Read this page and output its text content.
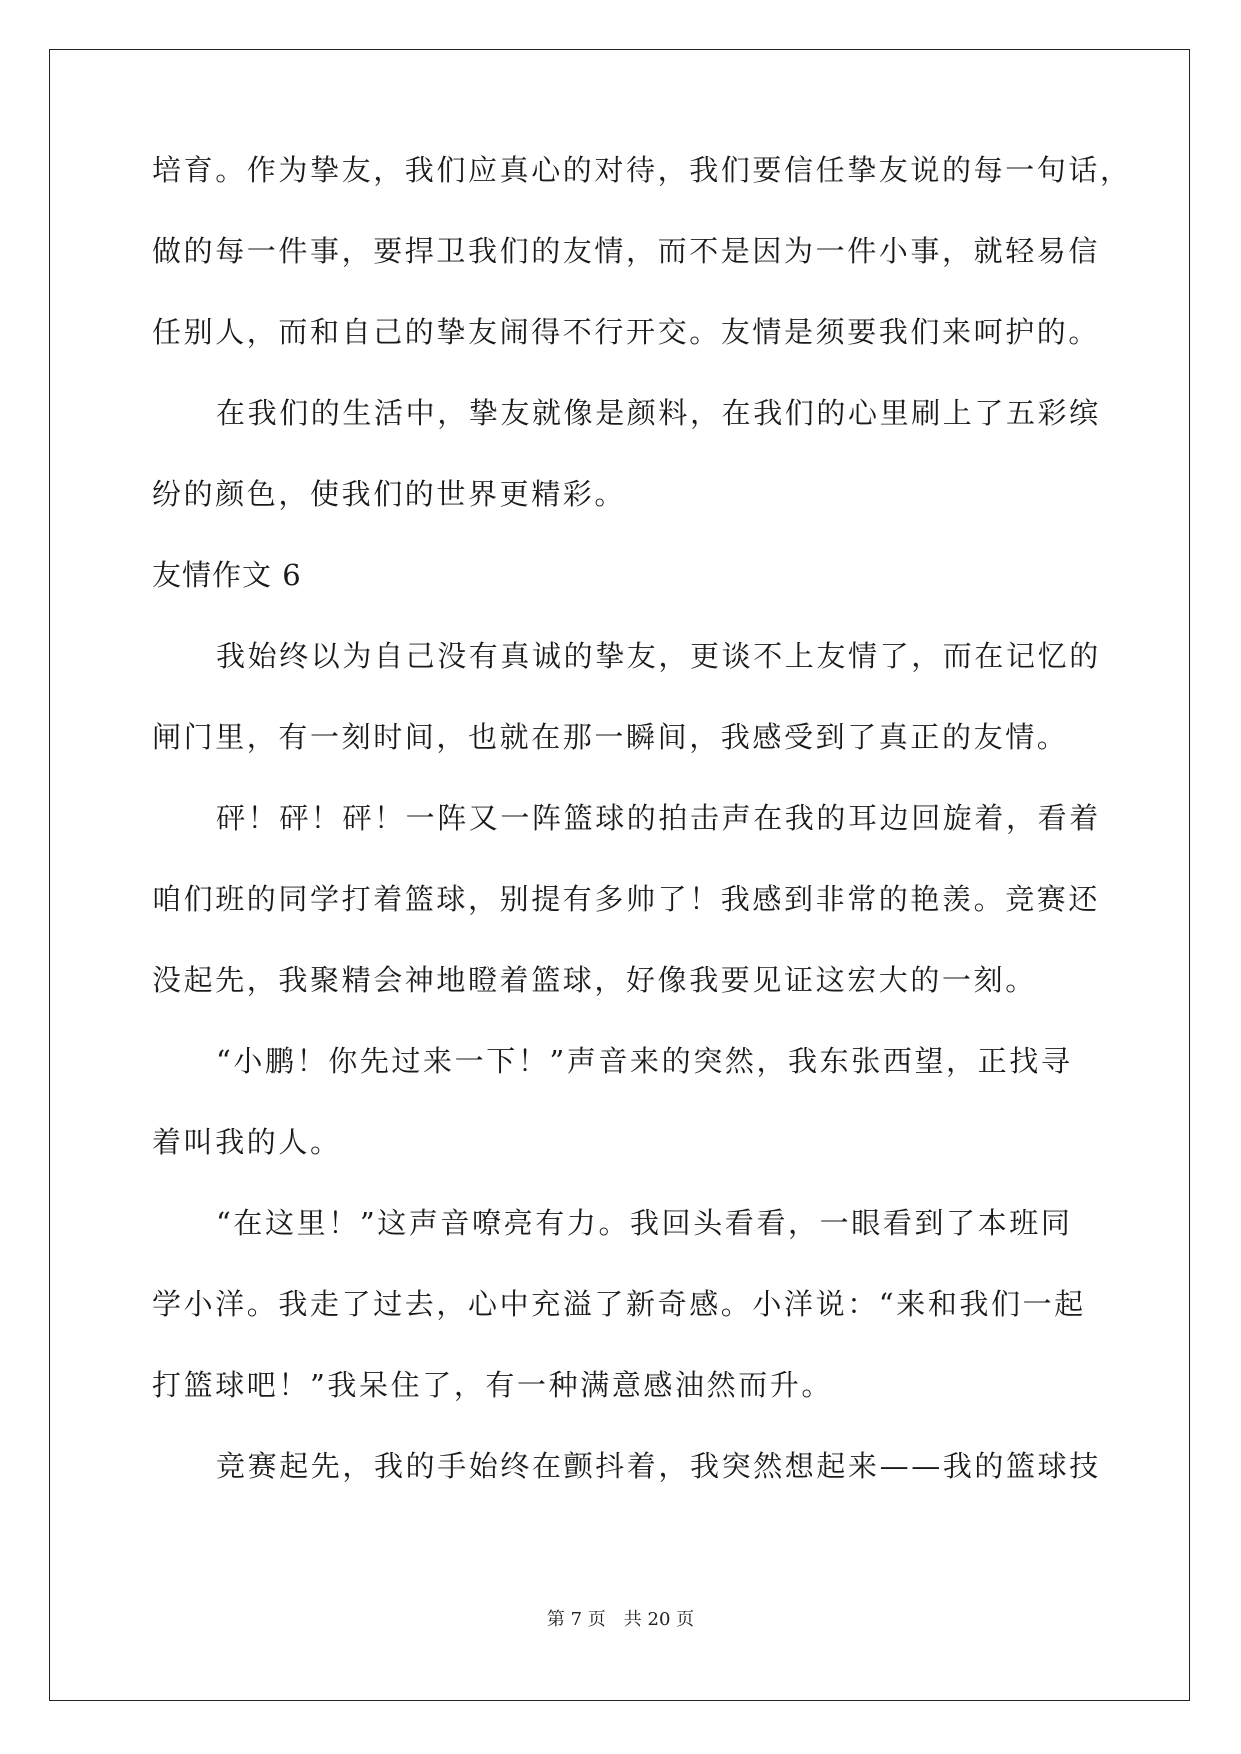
培育。作为挚友，我们应真心的对待，我们要信任挚友说的每一句话，
做的每一件事，要捍卫我们的友情，而不是因为一件小事，就轻易信
任别人，而和自己的挚友闹得不行开交。友情是须要我们来呵护的。
在我们的生活中，挚友就像是颜料，在我们的心里刷上了五彩缤
纷的颜色，使我们的世界更精彩。
友情作文 6
我始终以为自己没有真诚的挚友，更谈不上友情了，而在记忆的
闸门里，有一刻时间，也就在那一瞬间，我感受到了真正的友情。
砰！砰！砰！一阵又一阵篮球的拍击声在我的耳边回旋着，看着
咱们班的同学打着篮球，别提有多帅了！我感到非常的艳羡。竞赛还
没起先，我聚精会神地瞪着篮球，好像我要见证这宏大的一刻。
“小鹏！你先过来一下！”声音来的突然，我东张西望，正找寻
着叫我的人。
“在这里！”这声音嘹亮有力。我回头看看，一眼看到了本班同
学小洋。我走了过去，心中充溢了新奇感。小洋说：“来和我们一起
打篮球吧！”我呆住了，有一种满意感油然而升。
竞赛起先，我的手始终在颤抖着，我突然想起来——我的篮球技
第 7 页　共 20 页
